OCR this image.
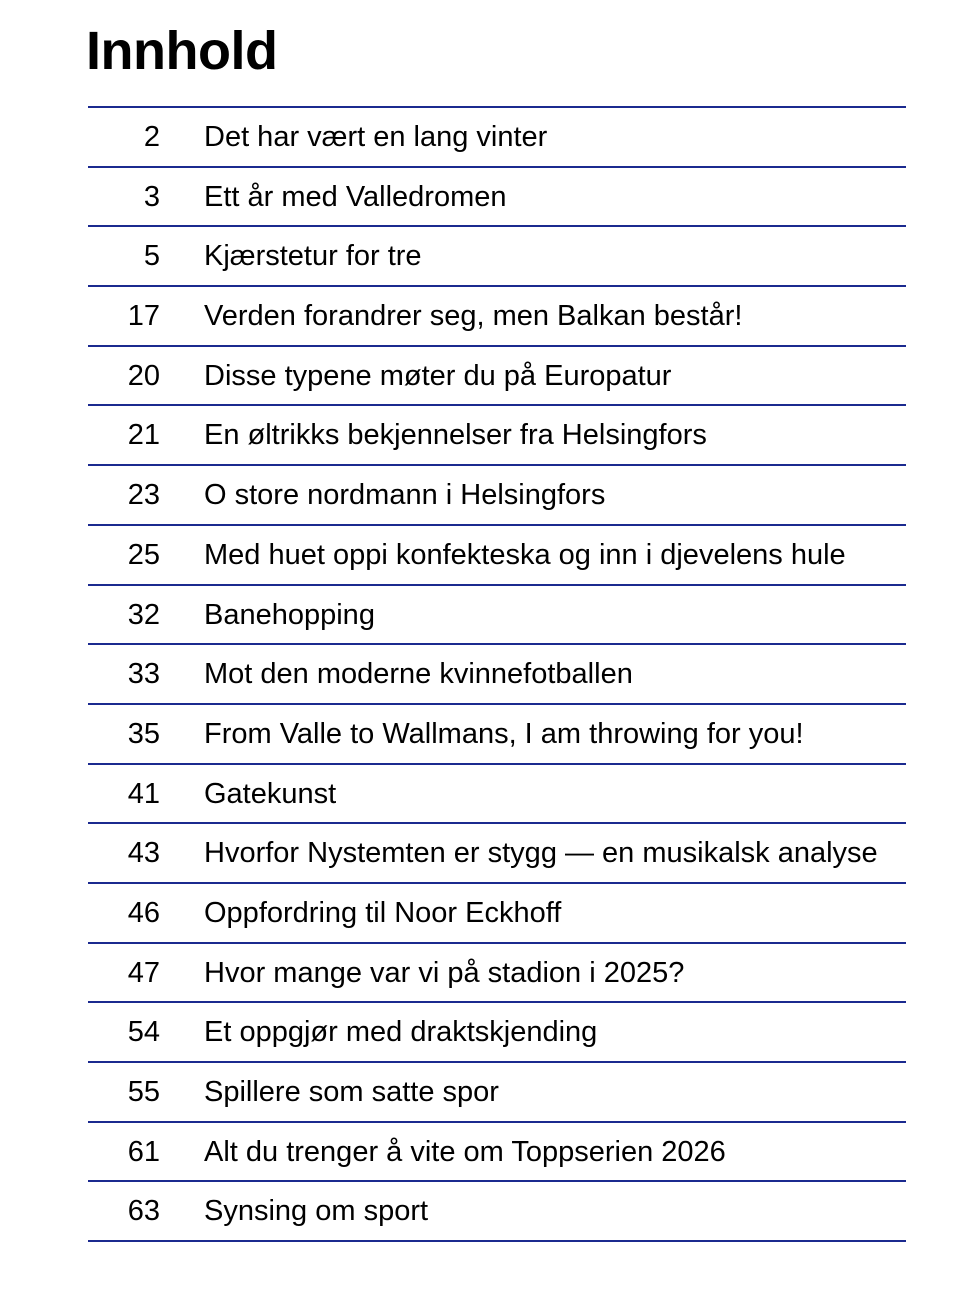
Innhold
2 Det har vært en lang vinter
3 Ett år med Valledromen
5 Kjærstetur for tre
17 Verden forandrer seg, men Balkan består!
20 Disse typene møter du på Europatur
21 En øltrikks bekjennelser fra Helsingfors
23 O store nordmann i Helsingfors
25 Med huet oppi konfekteska og inn i djevelens hule
32 Banehopping
33 Mot den moderne kvinnefotballen
35 From Valle to Wallmans, I am throwing for you!
41 Gatekunst
43 Hvorfor Nystemten er stygg — en musikalsk analyse
46 Oppfordring til Noor Eckhoff
47 Hvor mange var vi på stadion i 2025?
54 Et oppgjør med draktskjending
55 Spillere som satte spor
61 Alt du trenger å vite om Toppserien 2026
63 Synsing om sport
